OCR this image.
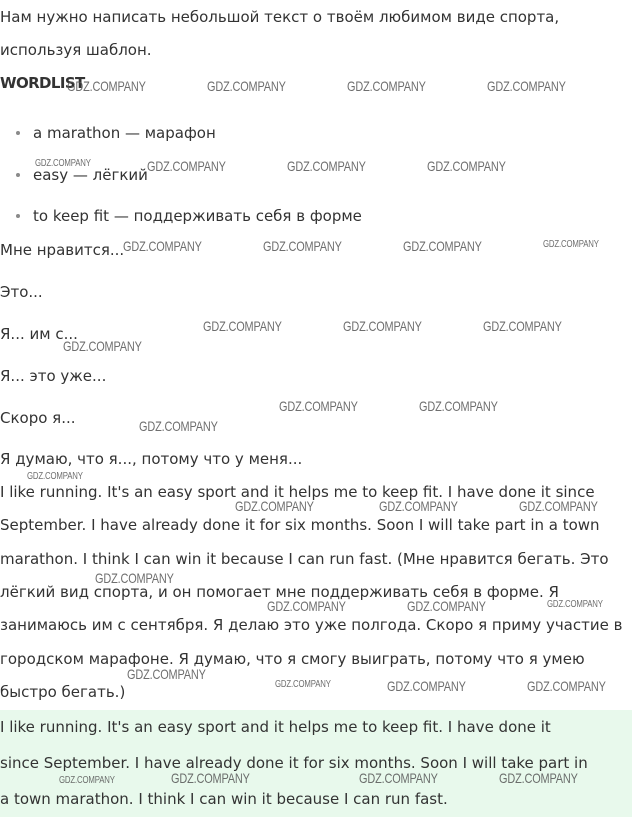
Нам нужно написать небольшой текст о твоём любимом виде спорта,
используя шаблон.
WORDLIST
a marathon — марафон
easy — лёгкий
to keep fit — поддерживать себя в форме
Мне нравится...
Это...
Я... им с...
Я... это уже...
Скоро я...
Я думаю, что я..., потому что у меня...
I like running. It's an easy sport and it helps me to keep fit. I have done it since
September. I have already done it for six months. Soon I will take part in a town
marathon. I think I can win it because I can run fast. (Мне нравится бегать. Это
лёгкий вид спорта, и он помогает мне поддерживать себя в форме. Я
занимаюсь им с сентября. Я делаю это уже полгода. Скоро я приму участие в
городском марафоне. Я думаю, что я смогу выиграть, потому что я умею
быстро бегать.)
I like running. It's an easy sport and it helps me to keep fit. I have done it
since September. I have already done it for six months. Soon I will take part in
a town marathon. I think I can win it because I can run fast.
GDZ.COMPANY	GDZ.COMPANY	GDZ.COMPANY	GDZ.COMPANY
GDZ.COMPANY	GDZ.COMPANY	GDZ.COMPANY	GDZ.COMPANY
GDZ.COMPANY	GDZ.COMPANY	GDZ.COMPANY	GDZ.COMPANY
GDZ.COMPANY	GDZ.COMPANY	GDZ.COMPANY
GDZ.COMPANY
GDZ.COMPANY	GDZ.COMPANY
GDZ.COMPANY
GDZ.COMPANY
GDZ.COMPANY	GDZ.COMPANY	GDZ.COMPANY
GDZ.COMPANY
GDZ.COMPANY	GDZ.COMPANY	GDZ.COMPANY
GDZ.COMPANY
GDZ.COMPANY	GDZ.COMPANY	GDZ.COMPANY
GDZ.COMPANY	GDZ.COMPANY	GDZ.COMPANY	GDZ.COMPANY
